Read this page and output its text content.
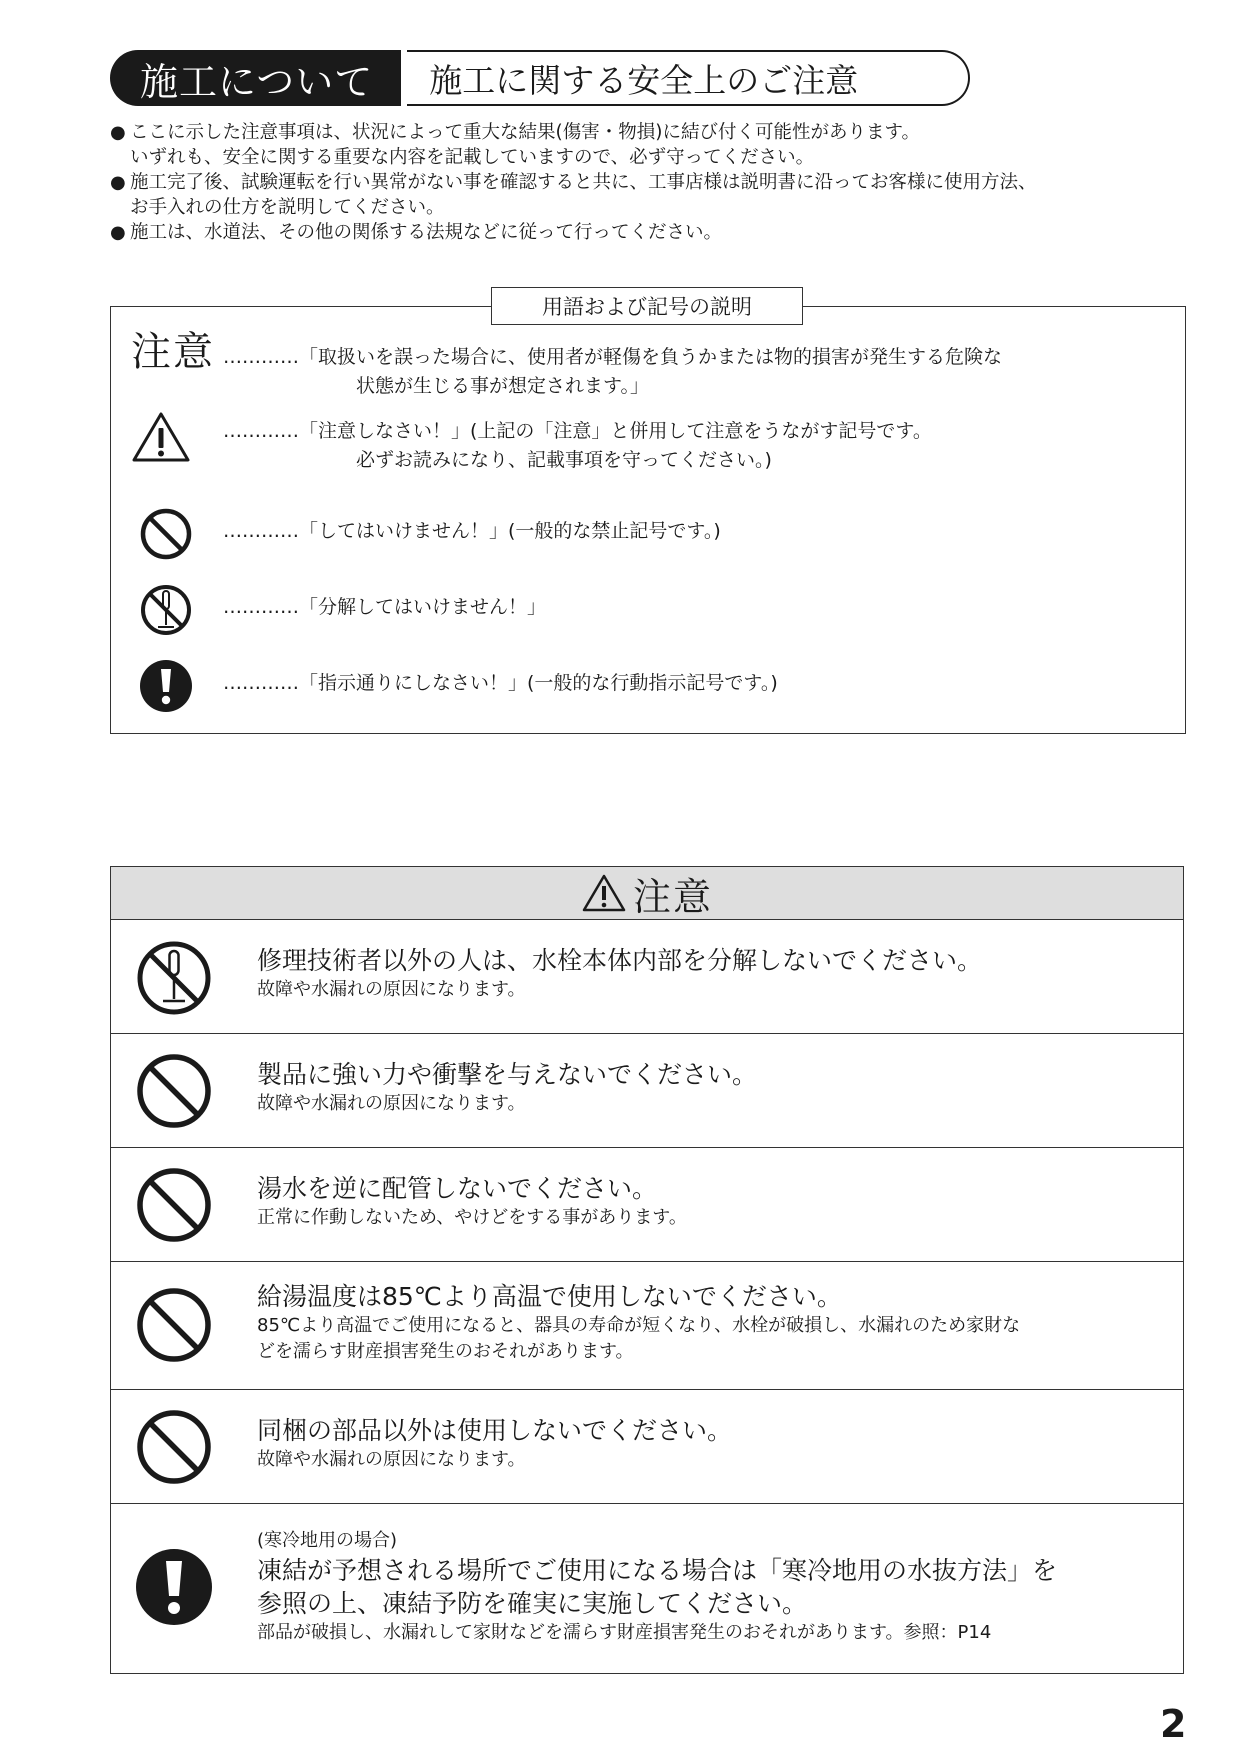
施工について	施工に関する安全上のご注意
● ここに示した注意事項は、状況によって重大な結果(傷害・物損)に結び付く可能性があります。
いずれも、安全に関する重要な内容を記載していますので、必ず守ってください。
● 施工完了後、試験運転を行い異常がない事を確認すると共に、工事店様は説明書に沿ってお客様に使用方法、
お手入れの仕方を説明してください。
● 施工は、水道法、その他の関係する法規などに従って行ってください。
用語および記号の説明
注意 …………「取扱いを誤った場合に、使用者が軽傷を負うかまたは物的損害が発生する危険な
　　　　　　　状態が生じる事が想定されます。」
…………「注意しなさい！」(上記の「注意」と併用して注意をうながす記号です。
　　　　　　　必ずお読みになり、記載事項を守ってください。)
…………「してはいけません！」(一般的な禁止記号です。)
…………「分解してはいけません！」
…………「指示通りにしなさい！」(一般的な行動指示記号です。)
注意
修理技術者以外の人は、水栓本体内部を分解しないでください。
故障や水漏れの原因になります。
製品に強い力や衝撃を与えないでください。
故障や水漏れの原因になります。
湯水を逆に配管しないでください。
正常に作動しないため、やけどをする事があります。
給湯温度は85℃より高温で使用しないでください。
85℃より高温でご使用になると、器具の寿命が短くなり、水栓が破損し、水漏れのため家財な
どを濡らす財産損害発生のおそれがあります。
同梱の部品以外は使用しないでください。
故障や水漏れの原因になります。
(寒冷地用の場合)
凍結が予想される場所でご使用になる場合は「寒冷地用の水抜方法」を
参照の上、凍結予防を確実に実施してください。
部品が破損し、水漏れして家財などを濡らす財産損害発生のおそれがあります。参照：P14
2
